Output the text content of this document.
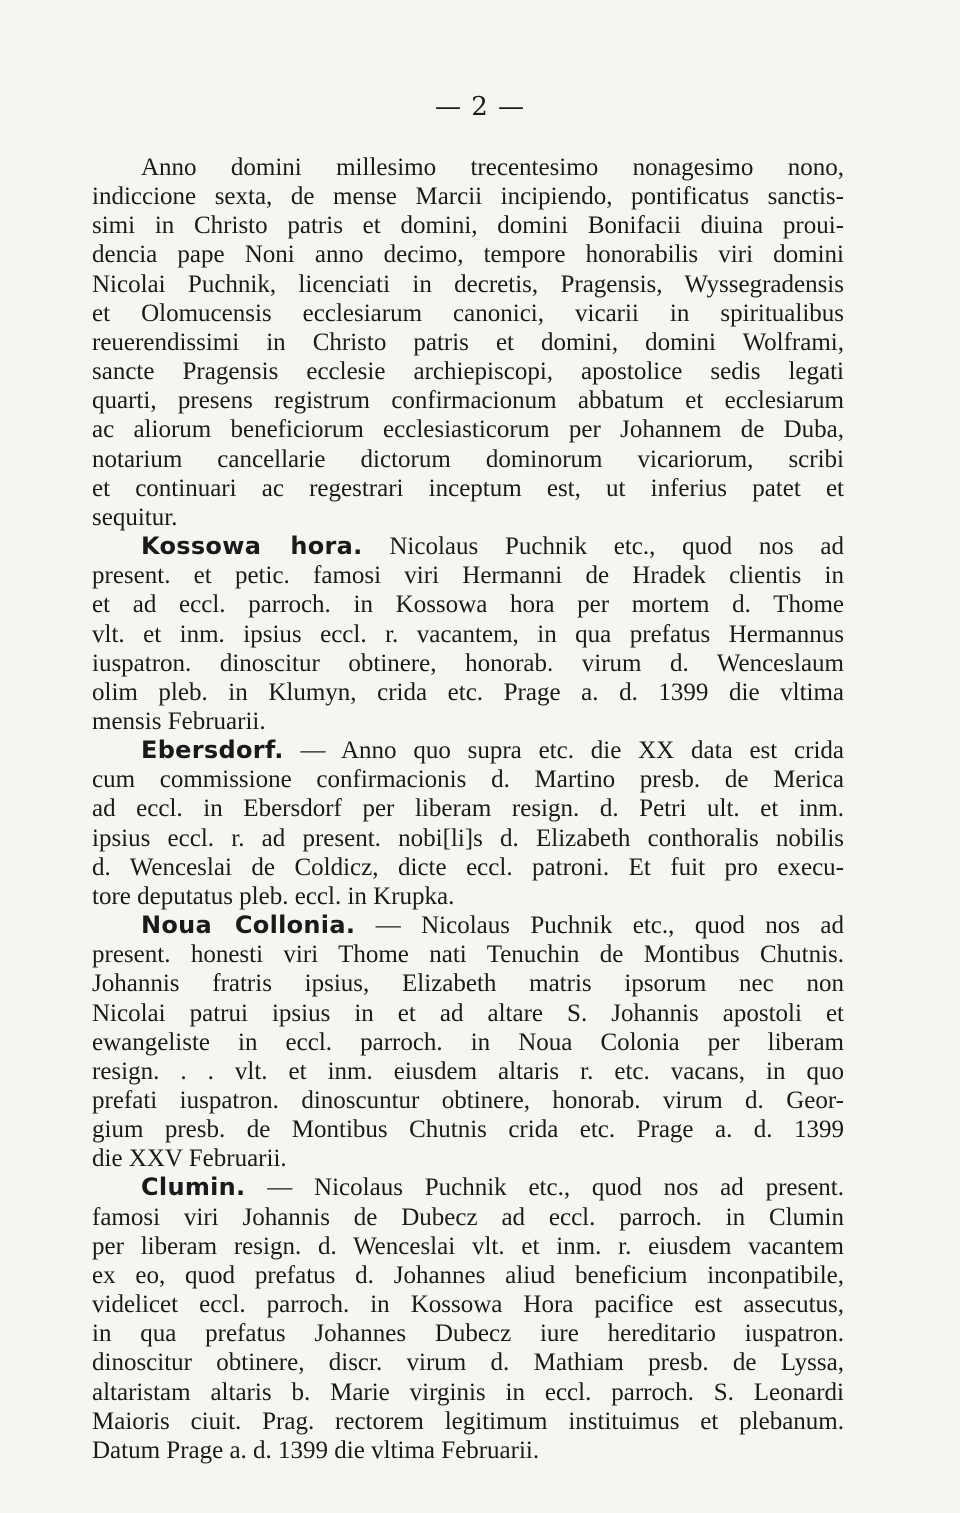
— 2 —
Anno domini millesimo trecentesimo nonagesimo nono,
indiccione sexta, de mense Marcii incipiendo, pontificatus sanctis-
simi in Christo patris et domini, domini Bonifacii diuina proui-
dencia pape Noni anno decimo, tempore honorabilis viri domini
Nicolai Puchnik, licenciati in decretis, Pragensis, Wyssegradensis
et Olomucensis ecclesiarum canonici, vicarii in spiritualibus
reuerendissimi in Christo patris et domini, domini Wolframi,
sancte Pragensis ecclesie archiepiscopi, apostolice sedis legati
quarti, presens registrum confirmacionum abbatum et ecclesiarum
ac aliorum beneficiorum ecclesiasticorum per Johannem de Duba,
notarium cancellarie dictorum dominorum vicariorum, scribi
et continuari ac regestrari inceptum est, ut inferius patet et
sequitur.
Kossowa hora. Nicolaus Puchnik etc., quod nos ad
present. et petic. famosi viri Hermanni de Hradek clientis in
et ad eccl. parroch. in Kossowa hora per mortem d. Thome
vlt. et inm. ipsius eccl. r. vacantem, in qua prefatus Hermannus
iuspatron. dinoscitur obtinere, honorab. virum d. Wenceslaum
olim pleb. in Klumyn, crida etc. Prage a. d. 1399 die vltima
mensis Februarii.
Ebersdorf. — Anno quo supra etc. die XX data est crida
cum commissione confirmacionis d. Martino presb. de Merica
ad eccl. in Ebersdorf per liberam resign. d. Petri ult. et inm.
ipsius eccl. r. ad present. nobi[li]s d. Elizabeth conthoralis nobilis
d. Wenceslai de Coldicz, dicte eccl. patroni. Et fuit pro execu-
tore deputatus pleb. eccl. in Krupka.
Noua Collonia. — Nicolaus Puchnik etc., quod nos ad
present. honesti viri Thome nati Tenuchin de Montibus Chutnis.
Johannis fratris ipsius, Elizabeth matris ipsorum nec non
Nicolai patrui ipsius in et ad altare S. Johannis apostoli et
ewangeliste in eccl. parroch. in Noua Colonia per liberam
resign. . . vlt. et inm. eiusdem altaris r. etc. vacans, in quo
prefati iuspatron. dinoscuntur obtinere, honorab. virum d. Geor-
gium presb. de Montibus Chutnis crida etc. Prage a. d. 1399
die XXV Februarii.
Clumin. — Nicolaus Puchnik etc., quod nos ad present.
famosi viri Johannis de Dubecz ad eccl. parroch. in Clumin
per liberam resign. d. Wenceslai vlt. et inm. r. eiusdem vacantem
ex eo, quod prefatus d. Johannes aliud beneficium inconpatibile,
videlicet eccl. parroch. in Kossowa Hora pacifice est assecutus,
in qua prefatus Johannes Dubecz iure hereditario iuspatron.
dinoscitur obtinere, discr. virum d. Mathiam presb. de Lyssa,
altaristam altaris b. Marie virginis in eccl. parroch. S. Leonardi
Maioris ciuit. Prag. rectorem legitimum instituimus et plebanum.
Datum Prage a. d. 1399 die vltima Februarii.
